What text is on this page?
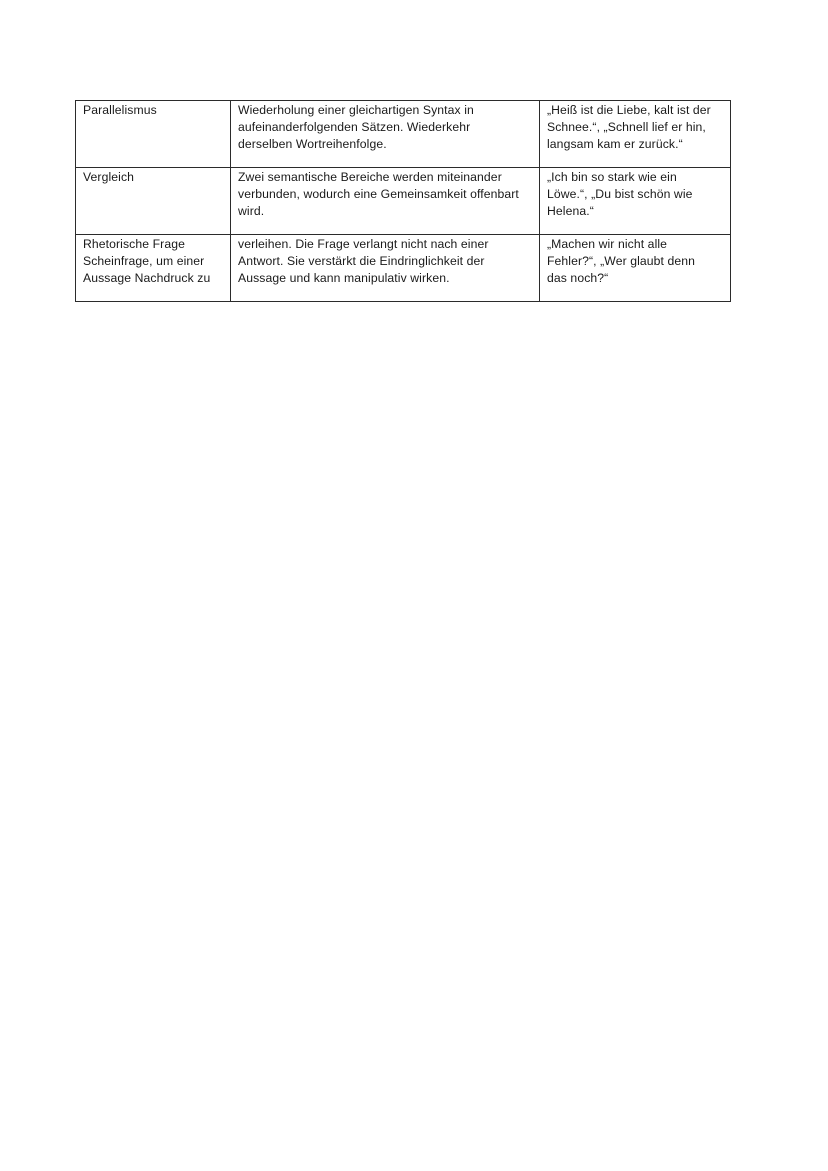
Parallelismus	Wiederholung einer gleichartigen Syntax in
aufeinanderfolgenden Sätzen. Wiederkehr
derselben Wortreihenfolge.	„Heiß ist die Liebe, kalt ist der
Schnee.“, „Schnell lief er hin,
langsam kam er zurück.“
Vergleich	Zwei semantische Bereiche werden miteinander
verbunden, wodurch eine Gemeinsamkeit offenbart
wird.	„Ich bin so stark wie ein
Löwe.“, „Du bist schön wie
Helena.“
Rhetorische Frage
Scheinfrage, um einer
Aussage Nachdruck zu	verleihen. Die Frage verlangt nicht nach einer
Antwort. Sie verstärkt die Eindringlichkeit der
Aussage und kann manipulativ wirken.	„Machen wir nicht alle
Fehler?“, „Wer glaubt denn
das noch?“
